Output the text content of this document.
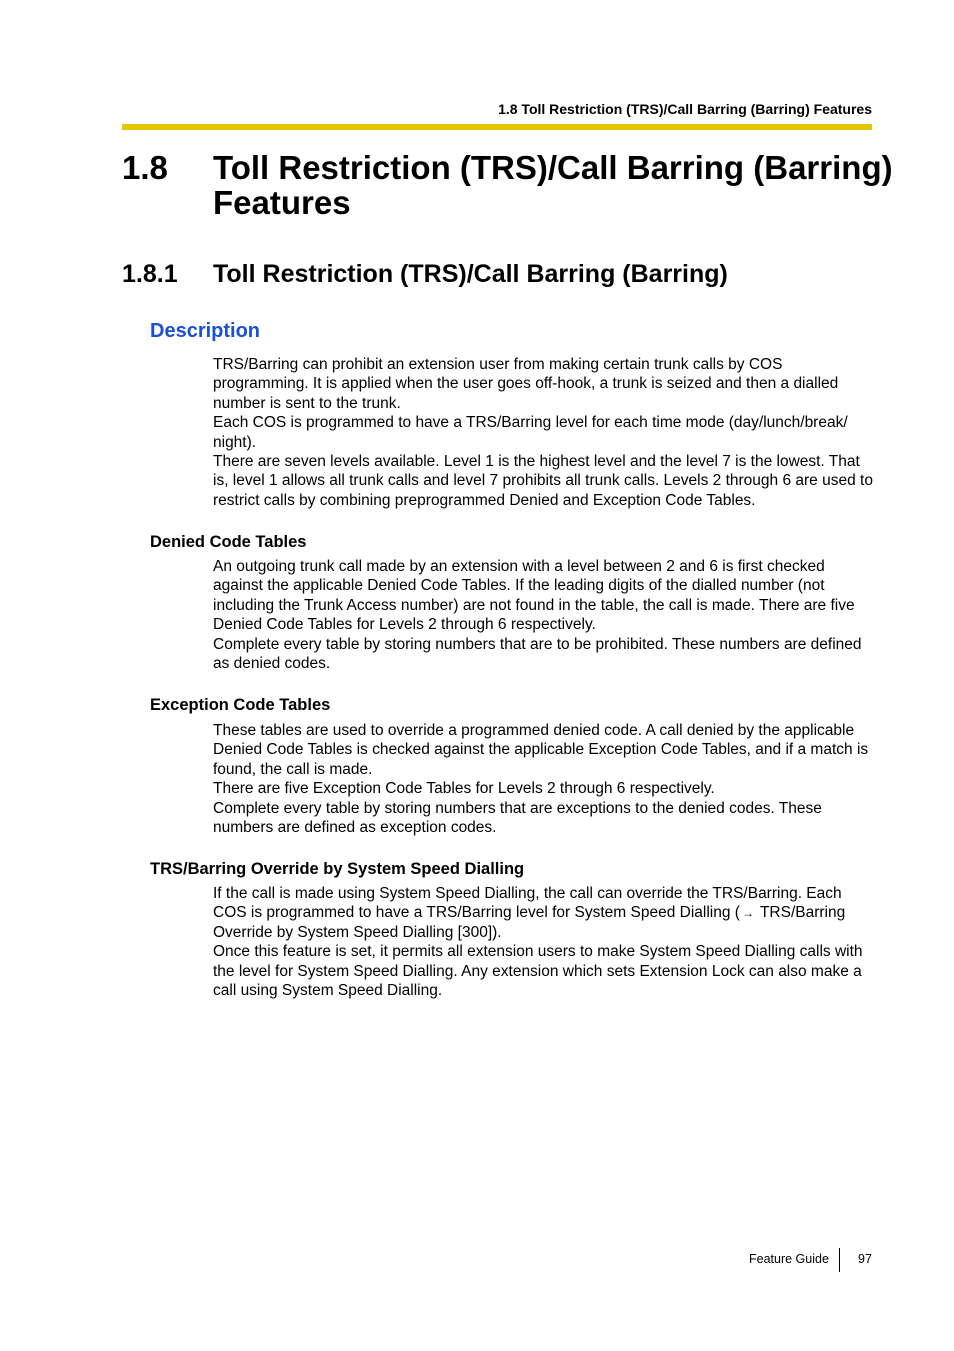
1.8 Toll Restriction (TRS)/Call Barring (Barring) Features
1.8 Toll Restriction (TRS)/Call Barring (Barring) Features
1.8.1 Toll Restriction (TRS)/Call Barring (Barring)
Description

TRS/Barring can prohibit an extension user from making certain trunk calls by COS programming. It is applied when the user goes off-hook, a trunk is seized and then a dialled number is sent to the trunk.

Each COS is programmed to have a TRS/Barring level for each time mode (day/lunch/break/ night).

There are seven levels available. Level 1 is the highest level and the level 7 is the lowest. That is, level 1 allows all trunk calls and level 7 prohibits all trunk calls. Levels 2 through 6 are used to restrict calls by combining preprogrammed Denied and Exception Code Tables.

Denied Code Tables

An outgoing trunk call made by an extension with a level between 2 and 6 is first checked against the applicable Denied Code Tables. If the leading digits of the dialled number (not including the Trunk Access number) are not found in the table, the call is made. There are five Denied Code Tables for Levels 2 through 6 respectively.

Complete every table by storing numbers that are to be prohibited. These numbers are defined as denied codes.

Exception Code Tables

These tables are used to override a programmed denied code. A call denied by the applicable Denied Code Tables is checked against the applicable Exception Code Tables, and if a match is found, the call is made.

There are five Exception Code Tables for Levels 2 through 6 respectively.

Complete every table by storing numbers that are exceptions to the denied codes. These numbers are defined as exception codes.

TRS/Barring Override by System Speed Dialling

If the call is made using System Speed Dialling, the call can override the TRS/Barring. Each COS is programmed to have a TRS/Barring level for System Speed Dialling ( → TRS/Barring Override by System Speed Dialling [300]).

Once this feature is set, it permits all extension users to make System Speed Dialling calls with the level for System Speed Dialling. Any extension which sets Extension Lock can also make a call using System Speed Dialling.

Feature Guide 97
